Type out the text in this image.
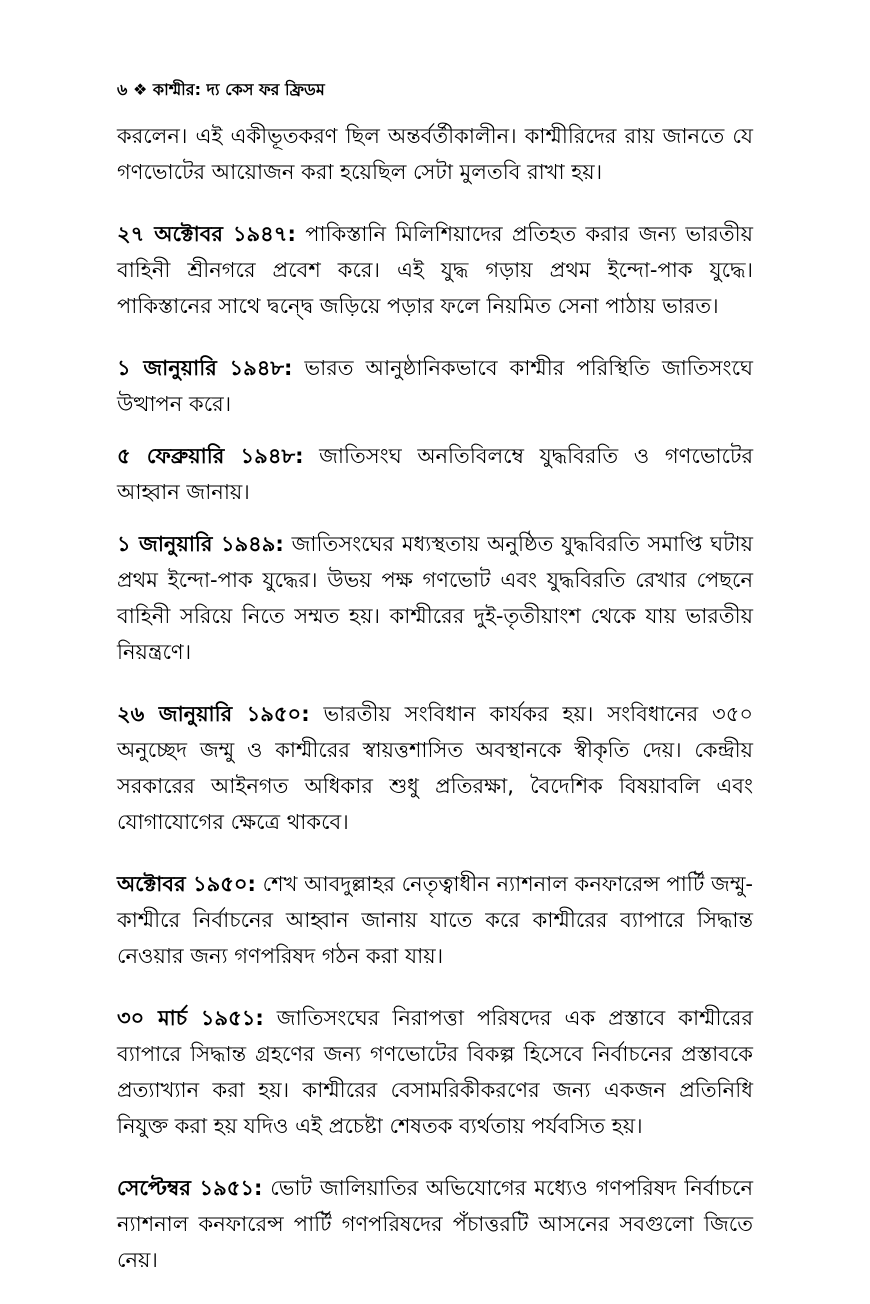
৬ ❖ কাশ্মীর: দ্য কেস ফর ফ্রিডম

করলেন। এই একীভূতকরণ ছিল অন্তর্বর্তীকালীন। কাশ্মীরিদের রায় জানতে যে গণভোটের আয়োজন করা হয়েছিল সেটা মুলতবি রাখা হয়।

২৭ অক্টোবর ১৯৪৭: পাকিস্তানি মিলিশিয়াদের প্রতিহত করার জন্য ভারতীয় বাহিনী শ্রীনগরে প্রবেশ করে। এই যুদ্ধ গড়ায় প্রথম ইন্দো-পাক যুদ্ধে। পাকিস্তানের সাথে দ্বন্দ্বে জড়িয়ে পড়ার ফলে নিয়মিত সেনা পাঠায় ভারত।

১ জানুয়ারি ১৯৪৮: ভারত আনুষ্ঠানিকভাবে কাশ্মীর পরিস্থিতি জাতিসংঘে উত্থাপন করে।

৫ ফেব্রুয়ারি ১৯৪৮: জাতিসংঘ অনতিবিলম্বে যুদ্ধবিরতি ও গণভোটের আহ্বান জানায়।

১ জানুয়ারি ১৯৪৯: জাতিসংঘের মধ্যস্থতায় অনুষ্ঠিত যুদ্ধবিরতি সমাপ্তি ঘটায় প্রথম ইন্দো-পাক যুদ্ধের। উভয় পক্ষ গণভোট এবং যুদ্ধবিরতি রেখার পেছনে বাহিনী সরিয়ে নিতে সম্মত হয়। কাশ্মীরের দুই-তৃতীয়াংশ থেকে যায় ভারতীয় নিয়ন্ত্রণে।

২৬ জানুয়ারি ১৯৫০: ভারতীয় সংবিধান কার্যকর হয়। সংবিধানের ৩৫০ অনুচ্ছেদ জম্মু ও কাশ্মীরের স্বায়ত্তশাসিত অবস্থানকে স্বীকৃতি দেয়। কেন্দ্রীয় সরকারের আইনগত অধিকার শুধু প্রতিরক্ষা, বৈদেশিক বিষয়াবলি এবং যোগাযোগের ক্ষেত্রে থাকবে।

অক্টোবর ১৯৫০: শেখ আবদুল্লাহর নেতৃত্বাধীন ন্যাশনাল কনফারেন্স পার্টি জম্মু-কাশ্মীরে নির্বাচনের আহ্বান জানায় যাতে করে কাশ্মীরের ব্যাপারে সিদ্ধান্ত নেওয়ার জন্য গণপরিষদ গঠন করা যায়।

৩০ মার্চ ১৯৫১: জাতিসংঘের নিরাপত্তা পরিষদের এক প্রস্তাবে কাশ্মীরের ব্যাপারে সিদ্ধান্ত গ্রহণের জন্য গণভোটের বিকল্প হিসেবে নির্বাচনের প্রস্তাবকে প্রত্যাখ্যান করা হয়। কাশ্মীরের বেসামরিকীকরণের জন্য একজন প্রতিনিধি নিযুক্ত করা হয় যদিও এই প্রচেষ্টা শেষতক ব্যর্থতায় পর্যবসিত হয়।

সেপ্টেম্বর ১৯৫১: ভোট জালিয়াতির অভিযোগের মধ্যেও গণপরিষদ নির্বাচনে ন্যাশনাল কনফারেন্স পার্টি গণপরিষদের পঁচাত্তরটি আসনের সবগুলো জিতে নেয়।
